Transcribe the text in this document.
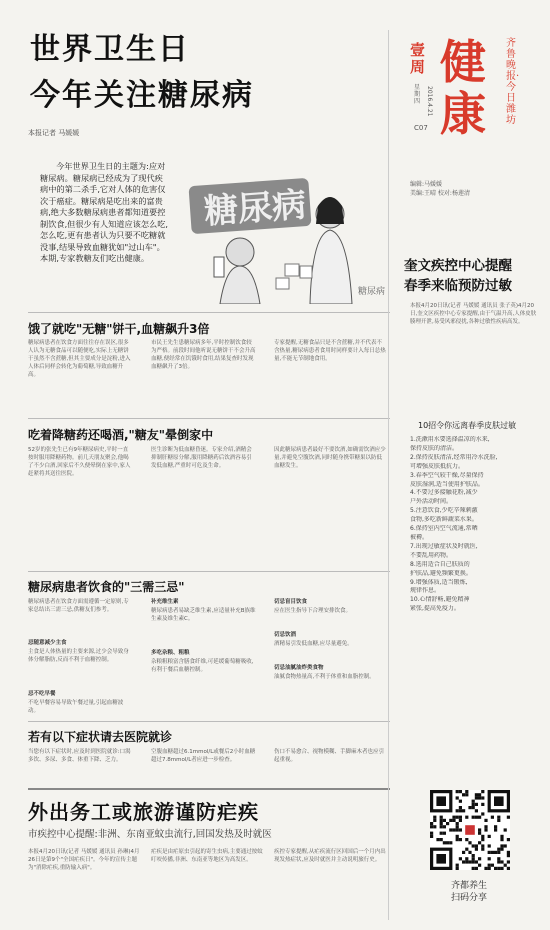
世界卫生日
今年关注糖尿病
本报记者 马媛媛
今年世界卫生日的主题为:应对糖尿病。糖尿病已经成为了现代疾病中的第二杀手,它对人体的危害仅次于癌症。糖尿病是吃出来的富贵病,绝大多数糖尿病患者都知道要控制饮食,但很少有人知道应该怎么吃,怎么吃,更有患者认为只要不吃糖就没事,结果导致血糖犹如"过山车"。本期,专家教糖友们吃出健康。
糖尿病
糖尿病
饿了就吃"无糖"饼干,血糖飙升3倍
糖尿病患者在饮食方面往往存在误区,很多人认为无糖食品可以随便吃,实际上无糖饼干虽然不含蔗糖,但其主要成分是淀粉,进入人体后同样会转化为葡萄糖,导致血糖升高。
市民王先生患糖尿病多年,平时控制饮食较为严格。前段时间他听说无糖饼干不会升高血糖,便经常在饥饿时食用,结果复查时发现血糖飙升了3倍。
专家提醒,无糖食品只是不含蔗糖,并不代表不含热量,糖尿病患者食用时同样要计入每日总热量,不能无节制地食用。
吃着降糖药还喝酒,"糖友"晕倒家中
52岁的张先生已有9年糖尿病史,平时一直按时服用降糖药物。前几天朋友聚会,他喝了不少白酒,回家后不久便晕倒在家中,家人赶紧将其送往医院。
医生诊断为低血糖昏迷。专家介绍,酒精会抑制肝糖原分解,服用降糖药后饮酒容易引发低血糖,严重时可危及生命。
因此糖尿病患者最好不要饮酒,如确需饮酒应少量,并避免空腹饮酒,同时随身携带糖果以防低血糖发生。
糖尿病患者饮食的"三需三忌"
糖尿病患者在饮食方面需遵循一定原则,专家总结出三需三忌,供糖友们参考。
忌随意减少主食
主食是人体热量的主要来源,过少会导致身体分解脂肪,反而不利于血糖控制。
忌不吃早餐
不吃早餐容易导致午餐过量,引起血糖波动。
补充维生素
糖尿病患者易缺乏维生素,应适量补充B族维生素及维生素C。
多吃杂粮、粗粮
杂粮粗粮富含膳食纤维,可延缓葡萄糖吸收,有利于餐后血糖控制。
切忌盲目饮食
应在医生指导下合理安排饮食。
切忌饮酒
酒精易引发低血糖,应尽量避免。
切忌油腻油炸类食物
油腻食物热量高,不利于体重和血脂控制。
若有以下症状请去医院就诊
当您有以下症状时,应及时到医院就诊:口渴多饮、多尿、多食、体重下降、乏力。
空腹血糖超过6.1mmol/L或餐后2小时血糖超过7.8mmol/L者应进一步检查。
伤口不易愈合、视物模糊、手脚麻木者也应引起重视。
外出务工或旅游谨防疟疾
市疾控中心提醒:非洲、东南亚蚊虫流行,回国发热及时就医
本报4月20日讯(记者 马媛媛 通讯员 孙琳)4月26日是第9个"全国疟疾日"。今年的宣传主题为"消除疟疾,重防输入病"。
疟疾是由疟原虫引起的寄生虫病,主要通过按蚊叮咬传播,非洲、东南亚等地区为高发区。
疾控专家提醒,从疟疾流行区回国后一个月内出现发热症状,应及时就医并主动说明旅行史。
齐鲁晚报·今日潍坊
健康
壹周
星期四 2016.4.21
C07
编辑:马媛媛
美编:王晴 校对:杨莲清
奎文疾控中心提醒
春季来临预防过敏
本报4月20日讯(记者 马媛媛 通讯员 张子英)4月20日,奎文区疾控中心专家提醒,由于气温升高,人体皮肤腠理开泄,易受风邪侵扰,各种过敏性疾病高发。
10招令你远离春季皮肤过敏
1.洗漱用水要选择温凉的水来,
保持皮肤的清洁。
2.保持皮肤清洁,经常用冷水洗脸,
可增强皮肤抵抗力。
3.春季空气较干燥,尽量保持
皮肤湿润,适当使用护肤品。
4.不要过多接触花粉,减少
户外活动时间。
5.注意饮食,少吃辛辣刺激
食物,多吃新鲜蔬菜水果。
6.保持室内空气流通,常晒
被褥。
7.出现过敏症状及时就医,
不要乱用药物。
8.选用适合自己肤质的
护肤品,避免频繁更换。
9.增强体质,适当锻炼,
规律作息。
10.心情舒畅,避免精神
紧张,提高免疫力。
齐都养生
扫码分享
